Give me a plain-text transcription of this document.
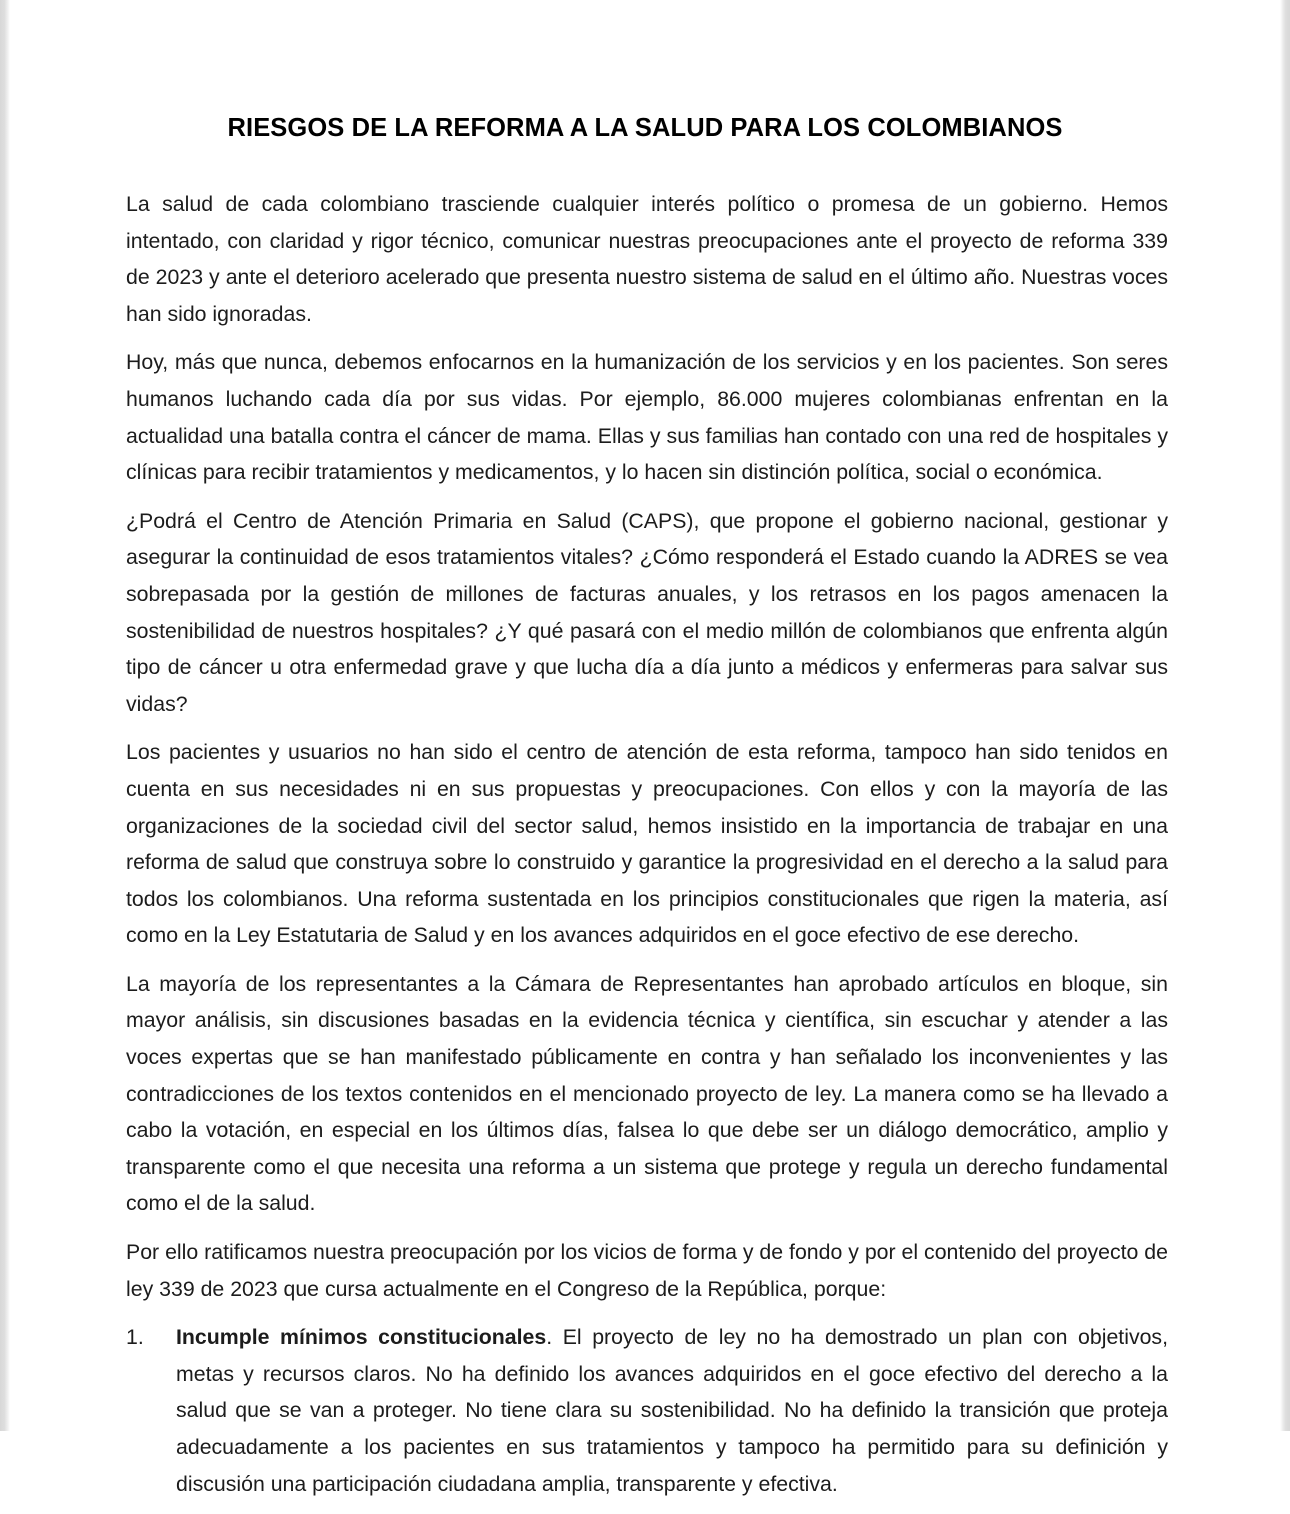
RIESGOS DE LA REFORMA A LA SALUD PARA LOS COLOMBIANOS

La salud de cada colombiano trasciende cualquier interés político o promesa de un gobierno. Hemos intentado, con claridad y rigor técnico, comunicar nuestras preocupaciones ante el proyecto de reforma 339 de 2023 y ante el deterioro acelerado que presenta nuestro sistema de salud en el último año. Nuestras voces han sido ignoradas.

Hoy, más que nunca, debemos enfocarnos en la humanización de los servicios y en los pacientes. Son seres humanos luchando cada día por sus vidas. Por ejemplo, 86.000 mujeres colombianas enfrentan en la actualidad una batalla contra el cáncer de mama. Ellas y sus familias han contado con una red de hospitales y clínicas para recibir tratamientos y medicamentos, y lo hacen sin distinción política, social o económica.

¿Podrá el Centro de Atención Primaria en Salud (CAPS), que propone el gobierno nacional, gestionar y asegurar la continuidad de esos tratamientos vitales? ¿Cómo responderá el Estado cuando la ADRES se vea sobrepasada por la gestión de millones de facturas anuales, y los retrasos en los pagos amenacen la sostenibilidad de nuestros hospitales? ¿Y qué pasará con el medio millón de colombianos que enfrenta algún tipo de cáncer u otra enfermedad grave y que lucha día a día junto a médicos y enfermeras para salvar sus vidas?

Los pacientes y usuarios no han sido el centro de atención de esta reforma, tampoco han sido tenidos en cuenta en sus necesidades ni en sus propuestas y preocupaciones. Con ellos y con la mayoría de las organizaciones de la sociedad civil del sector salud, hemos insistido en la importancia de trabajar en una reforma de salud que construya sobre lo construido y garantice la progresividad en el derecho a la salud para todos los colombianos. Una reforma sustentada en los principios constitucionales que rigen la materia, así como en la Ley Estatutaria de Salud y en los avances adquiridos en el goce efectivo de ese derecho.

La mayoría de los representantes a la Cámara de Representantes han aprobado artículos en bloque, sin mayor análisis, sin discusiones basadas en la evidencia técnica y científica, sin escuchar y atender a las voces expertas que se han manifestado públicamente en contra y han señalado los inconvenientes y las contradicciones de los textos contenidos en el mencionado proyecto de ley. La manera como se ha llevado a cabo la votación, en especial en los últimos días, falsea lo que debe ser un diálogo democrático, amplio y transparente como el que necesita una reforma a un sistema que protege y regula un derecho fundamental como el de la salud.

Por ello ratificamos nuestra preocupación por los vicios de forma y de fondo y por el contenido del proyecto de ley 339 de 2023 que cursa actualmente en el Congreso de la República, porque:

Incumple mínimos constitucionales. El proyecto de ley no ha demostrado un plan con objetivos, metas y recursos claros. No ha definido los avances adquiridos en el goce efectivo del derecho a la salud que se van a proteger. No tiene clara su sostenibilidad. No ha definido la transición que proteja adecuadamente a los pacientes en sus tratamientos y tampoco ha permitido para su definición y discusión una participación ciudadana amplia, transparente y efectiva.
